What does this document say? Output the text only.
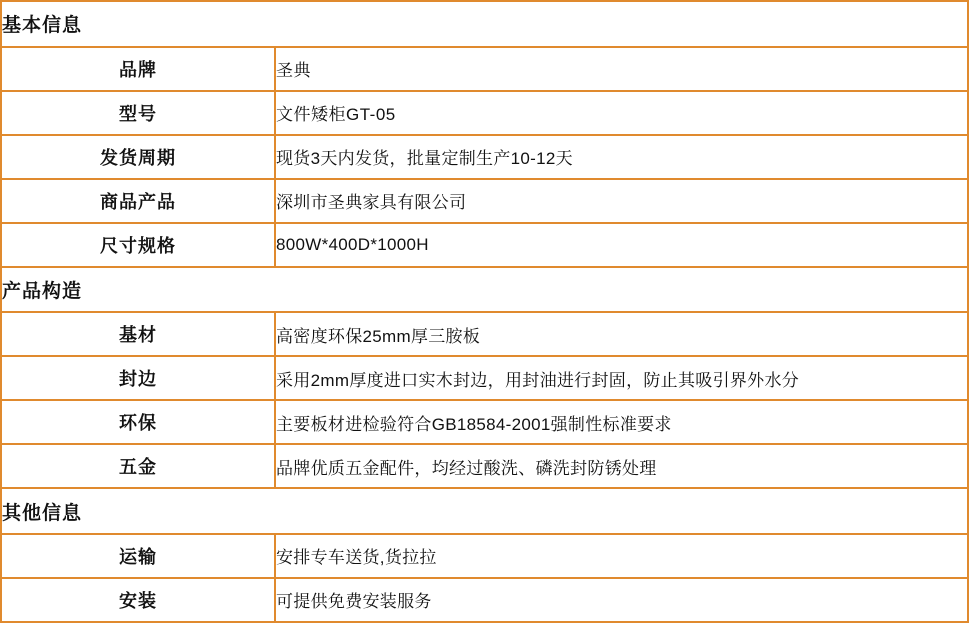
基本信息	
品牌	圣典
型号	文件矮柜GT-05
发货周期	现货3天内发货，批量定制生产10-12天
商品产品	深圳市圣典家具有限公司
尺寸规格	800W*400D*1000H
产品构造	
基材	高密度环保25mm厚三胺板
封边	采用2mm厚度进口实木封边，用封油进行封固，防止其吸引界外水分
环保	主要板材进检验符合GB18584-2001强制性标准要求
五金	品牌优质五金配件，均经过酸洗、磷洗封防锈处理
其他信息	
运输	安排专车送货,货拉拉
安装	可提供免费安装服务
